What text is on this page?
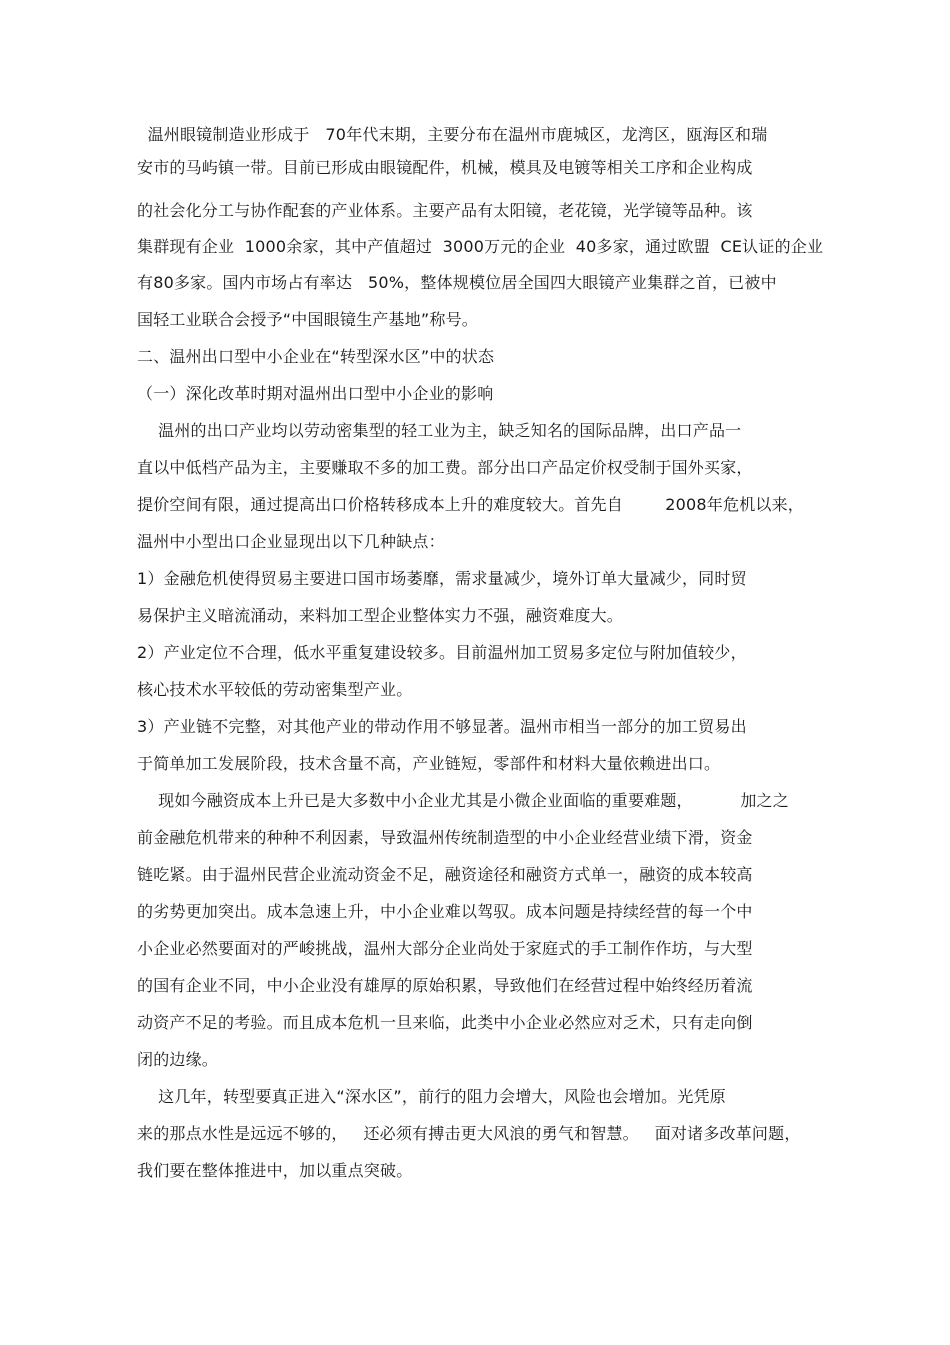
温州眼镜制造业形成于   70年代末期，主要分布在温州市鹿城区，龙湾区，瓯海区和瑞
安市的马屿镇一带。目前已形成由眼镜配件，机械，模具及电镀等相关工序和企业构成
的社会化分工与协作配套的产业体系。主要产品有太阳镜，老花镜，光学镜等品种。该
集群现有企业  1000余家，其中产值超过  3000万元的企业  40多家，通过欧盟  CE认证的企业
有80多家。国内市场占有率达   50%，整体规模位居全国四大眼镜产业集群之首，已被中
国轻工业联合会授予“中国眼镜生产基地”称号。
二、温州出口型中小企业在“转型深水区”中的状态
（一）深化改革时期对温州出口型中小企业的影响
温州的出口产业均以劳动密集型的轻工业为主，缺乏知名的国际品牌，出口产品一
直以中低档产品为主，主要赚取不多的加工费。部分出口产品定价权受制于国外买家，
提价空间有限，通过提高出口价格转移成本上升的难度较大。首先自        2008年危机以来，
温州中小型出口企业显现出以下几种缺点：
1）金融危机使得贸易主要进口国市场萎靡，需求量减少，境外订单大量减少，同时贸
易保护主义暗流涌动，来料加工型企业整体实力不强，融资难度大。
2）产业定位不合理，低水平重复建设较多。目前温州加工贸易多定位与附加值较少，
核心技术水平较低的劳动密集型产业。
3）产业链不完整，对其他产业的带动作用不够显著。温州市相当一部分的加工贸易出
于简单加工发展阶段，技术含量不高，产业链短，零部件和材料大量依赖进出口。
现如今融资成本上升已是大多数中小企业尤其是小微企业面临的重要难题，         加之之
前金融危机带来的种种不利因素，导致温州传统制造型的中小企业经营业绩下滑，资金
链吃紧。由于温州民营企业流动资金不足，融资途径和融资方式单一，融资的成本较高
的劣势更加突出。成本急速上升，中小企业难以驾驭。成本问题是持续经营的每一个中
小企业必然要面对的严峻挑战，温州大部分企业尚处于家庭式的手工制作作坊，与大型
的国有企业不同，中小企业没有雄厚的原始积累，导致他们在经营过程中始终经历着流
动资产不足的考验。而且成本危机一旦来临，此类中小企业必然应对乏术，只有走向倒
闭的边缘。
这几年，转型要真正进入“深水区”，前行的阻力会增大，风险也会增加。光凭原
来的那点水性是远远不够的，   还必须有搏击更大风浪的勇气和智慧。   面对诸多改革问题，
我们要在整体推进中，加以重点突破。
